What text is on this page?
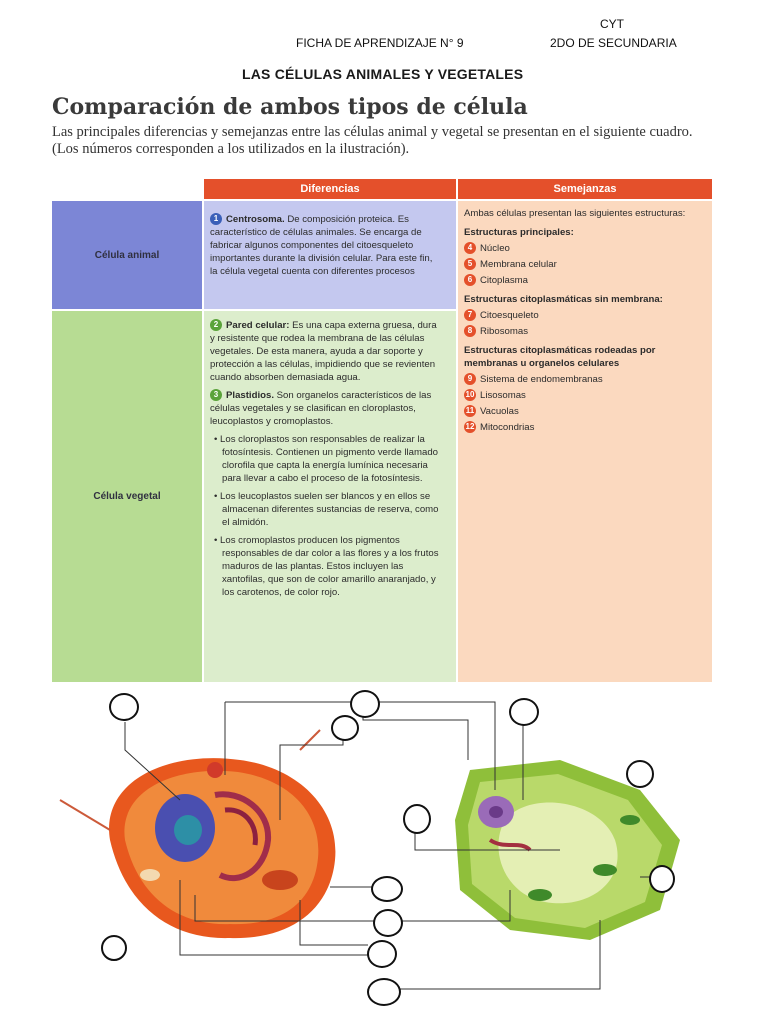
CYT
FICHA DE APRENDIZAJE N° 9	2DO DE SECUNDARIA
LAS CÉLULAS ANIMALES Y VEGETALES
Comparación de ambos tipos de célula
Las principales diferencias y semejanzas entre las células animal y vegetal se presentan en el siguiente cuadro. (Los números corresponden a los utilizados en la ilustración).
Diferencias	Semejanzas
Célula animal
Célula vegetal
1 Centrosoma. De composición proteica. Es característico de células animales. Se encarga de fabricar algunos componentes del citoesqueleto importantes durante la división celular. Para este fin, la célula vegetal cuenta con diferentes procesos
2 Pared celular: Es una capa externa gruesa, dura y resistente que rodea la membrana de las células vegetales. De esta manera, ayuda a dar soporte y protección a las células, impidiendo que se revienten cuando absorben demasiada agua.
3 Plastidios. Son organelos característicos de las células vegetales y se clasifican en cloroplastos, leucoplastos y cromoplastos.
• Los cloroplastos son responsables de realizar la fotosíntesis. Contienen un pigmento verde llamado clorofila que capta la energía lumínica necesaria para llevar a cabo el proceso de la fotosíntesis.
• Los leucoplastos suelen ser blancos y en ellos se almacenan diferentes sustancias de reserva, como el almidón.
• Los cromoplastos producen los pigmentos responsables de dar color a las flores y a los frutos maduros de las plantas. Estos incluyen las xantofilas, que son de color amarillo anaranjado, y los carotenos, de color rojo.
Ambas células presentan las siguientes estructuras:
Estructuras principales:
4 Núcleo
5 Membrana celular
6 Citoplasma
Estructuras citoplasmáticas sin membrana:
7 Citoesqueleto
8 Ribosomas
Estructuras citoplasmáticas rodeadas por membranas u organelos celulares
9 Sistema de endomembranas
10 Lisosomas
11 Vacuolas
12 Mitocondrias
